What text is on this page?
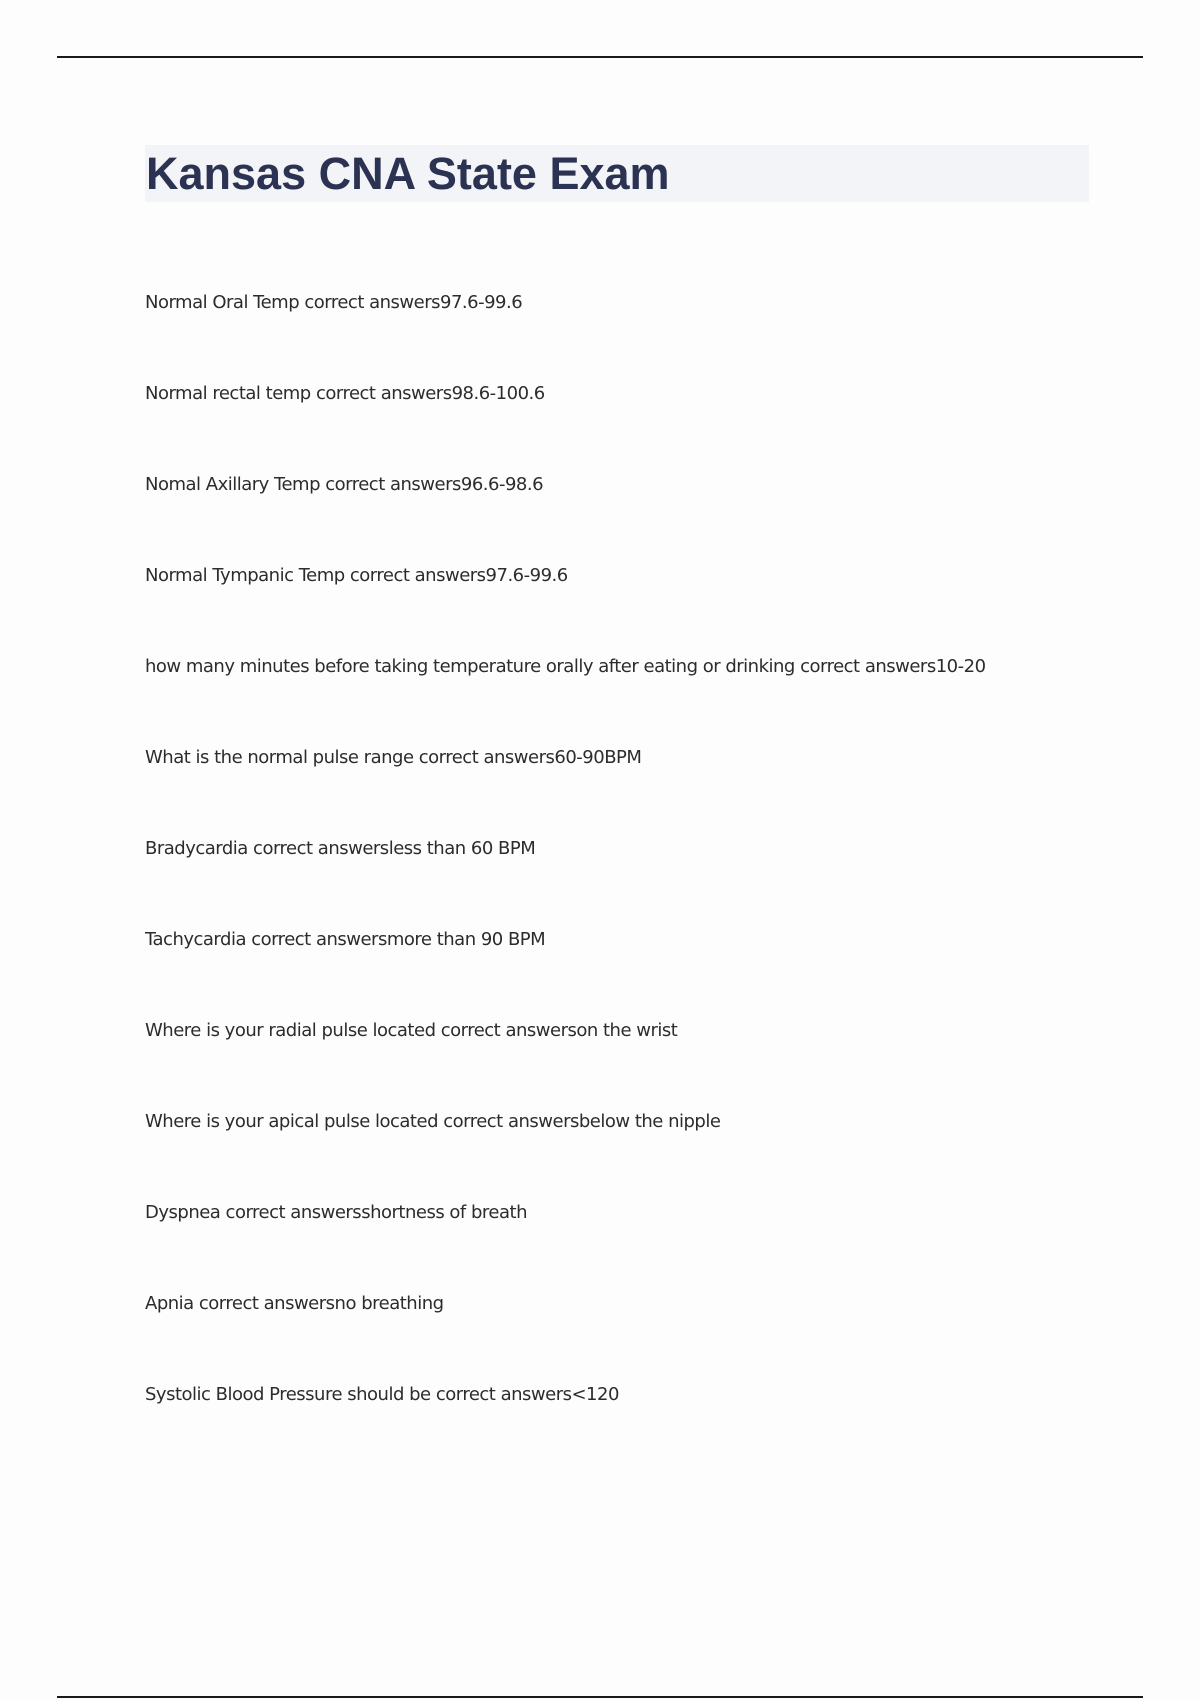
Kansas CNA State Exam
Normal Oral Temp correct answers97.6-99.6
Normal rectal temp correct answers98.6-100.6
Nomal Axillary Temp correct answers96.6-98.6
Normal Tympanic Temp correct answers97.6-99.6
how many minutes before taking temperature orally after eating or drinking correct answers10-20
What is the normal pulse range correct answers60-90BPM
Bradycardia correct answersless than 60 BPM
Tachycardia correct answersmore than 90 BPM
Where is your radial pulse located correct answerson the wrist
Where is your apical pulse located correct answersbelow the nipple
Dyspnea correct answersshortness of breath
Apnia correct answersno breathing
Systolic Blood Pressure should be correct answers<120
